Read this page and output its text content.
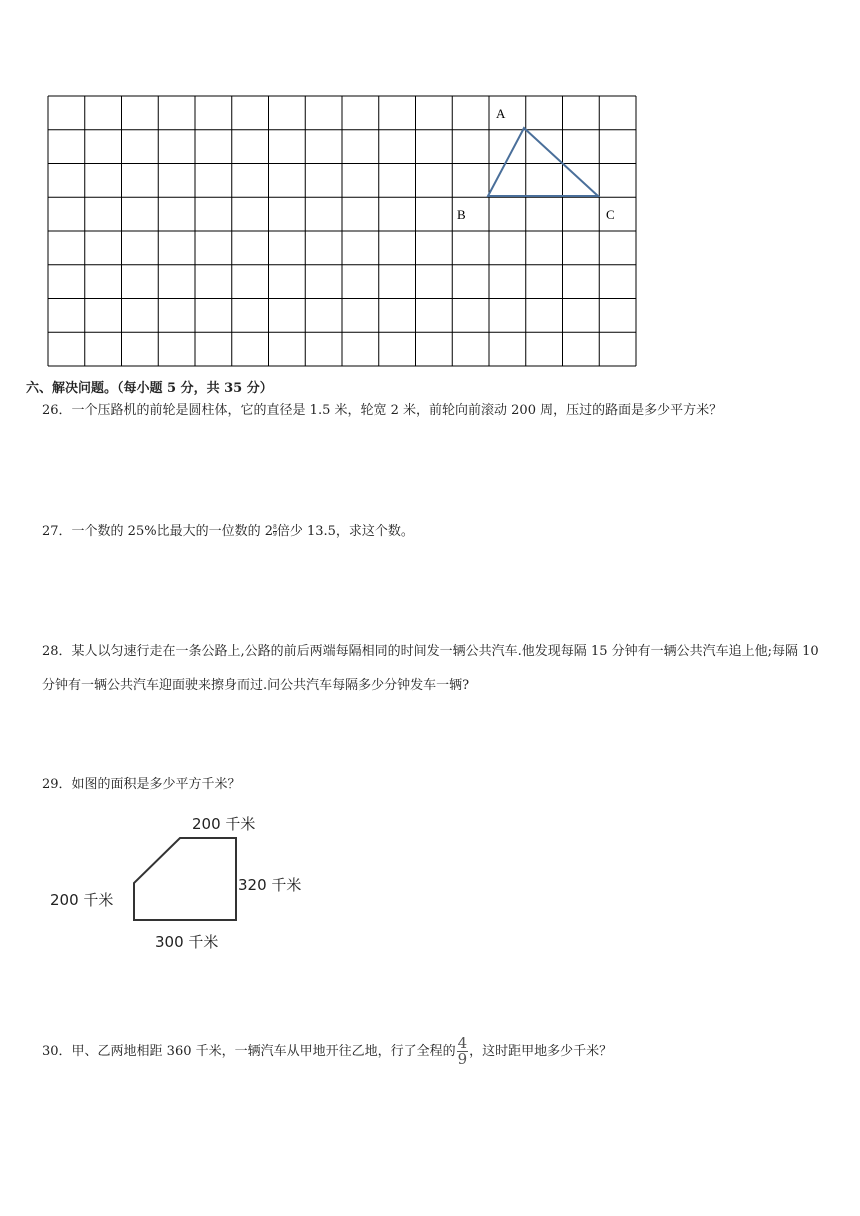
A
B	C
六、解决问题。（每小题 5 分，共 35 分）
26．一个压路机的前轮是圆柱体，它的直径是 1.5 米，轮宽 2 米，前轮向前滚动 200 周，压过的路面是多少平方米？
27．一个数的 25%比最大的一位数的 $2 \frac{8}{9}$ 倍少 13.5，求这个数。
28．某人以匀速行走在一条公路上,公路的前后两端每隔相同的时间发一辆公共汽车.他发现每隔 15 分钟有一辆公共汽车追上他;每隔 10 分钟有一辆公共汽车迎面驶来擦身而过.问公共汽车每隔多少分钟发车一辆?
29．如图的面积是多少平方千米？
200 千米
320 千米
200 千米
300 千米
30．甲、乙两地相距 360 千米，一辆汽车从甲地开往乙地，行了全程的 $\frac{4}{9}$ ，这时距甲地多少千米？
